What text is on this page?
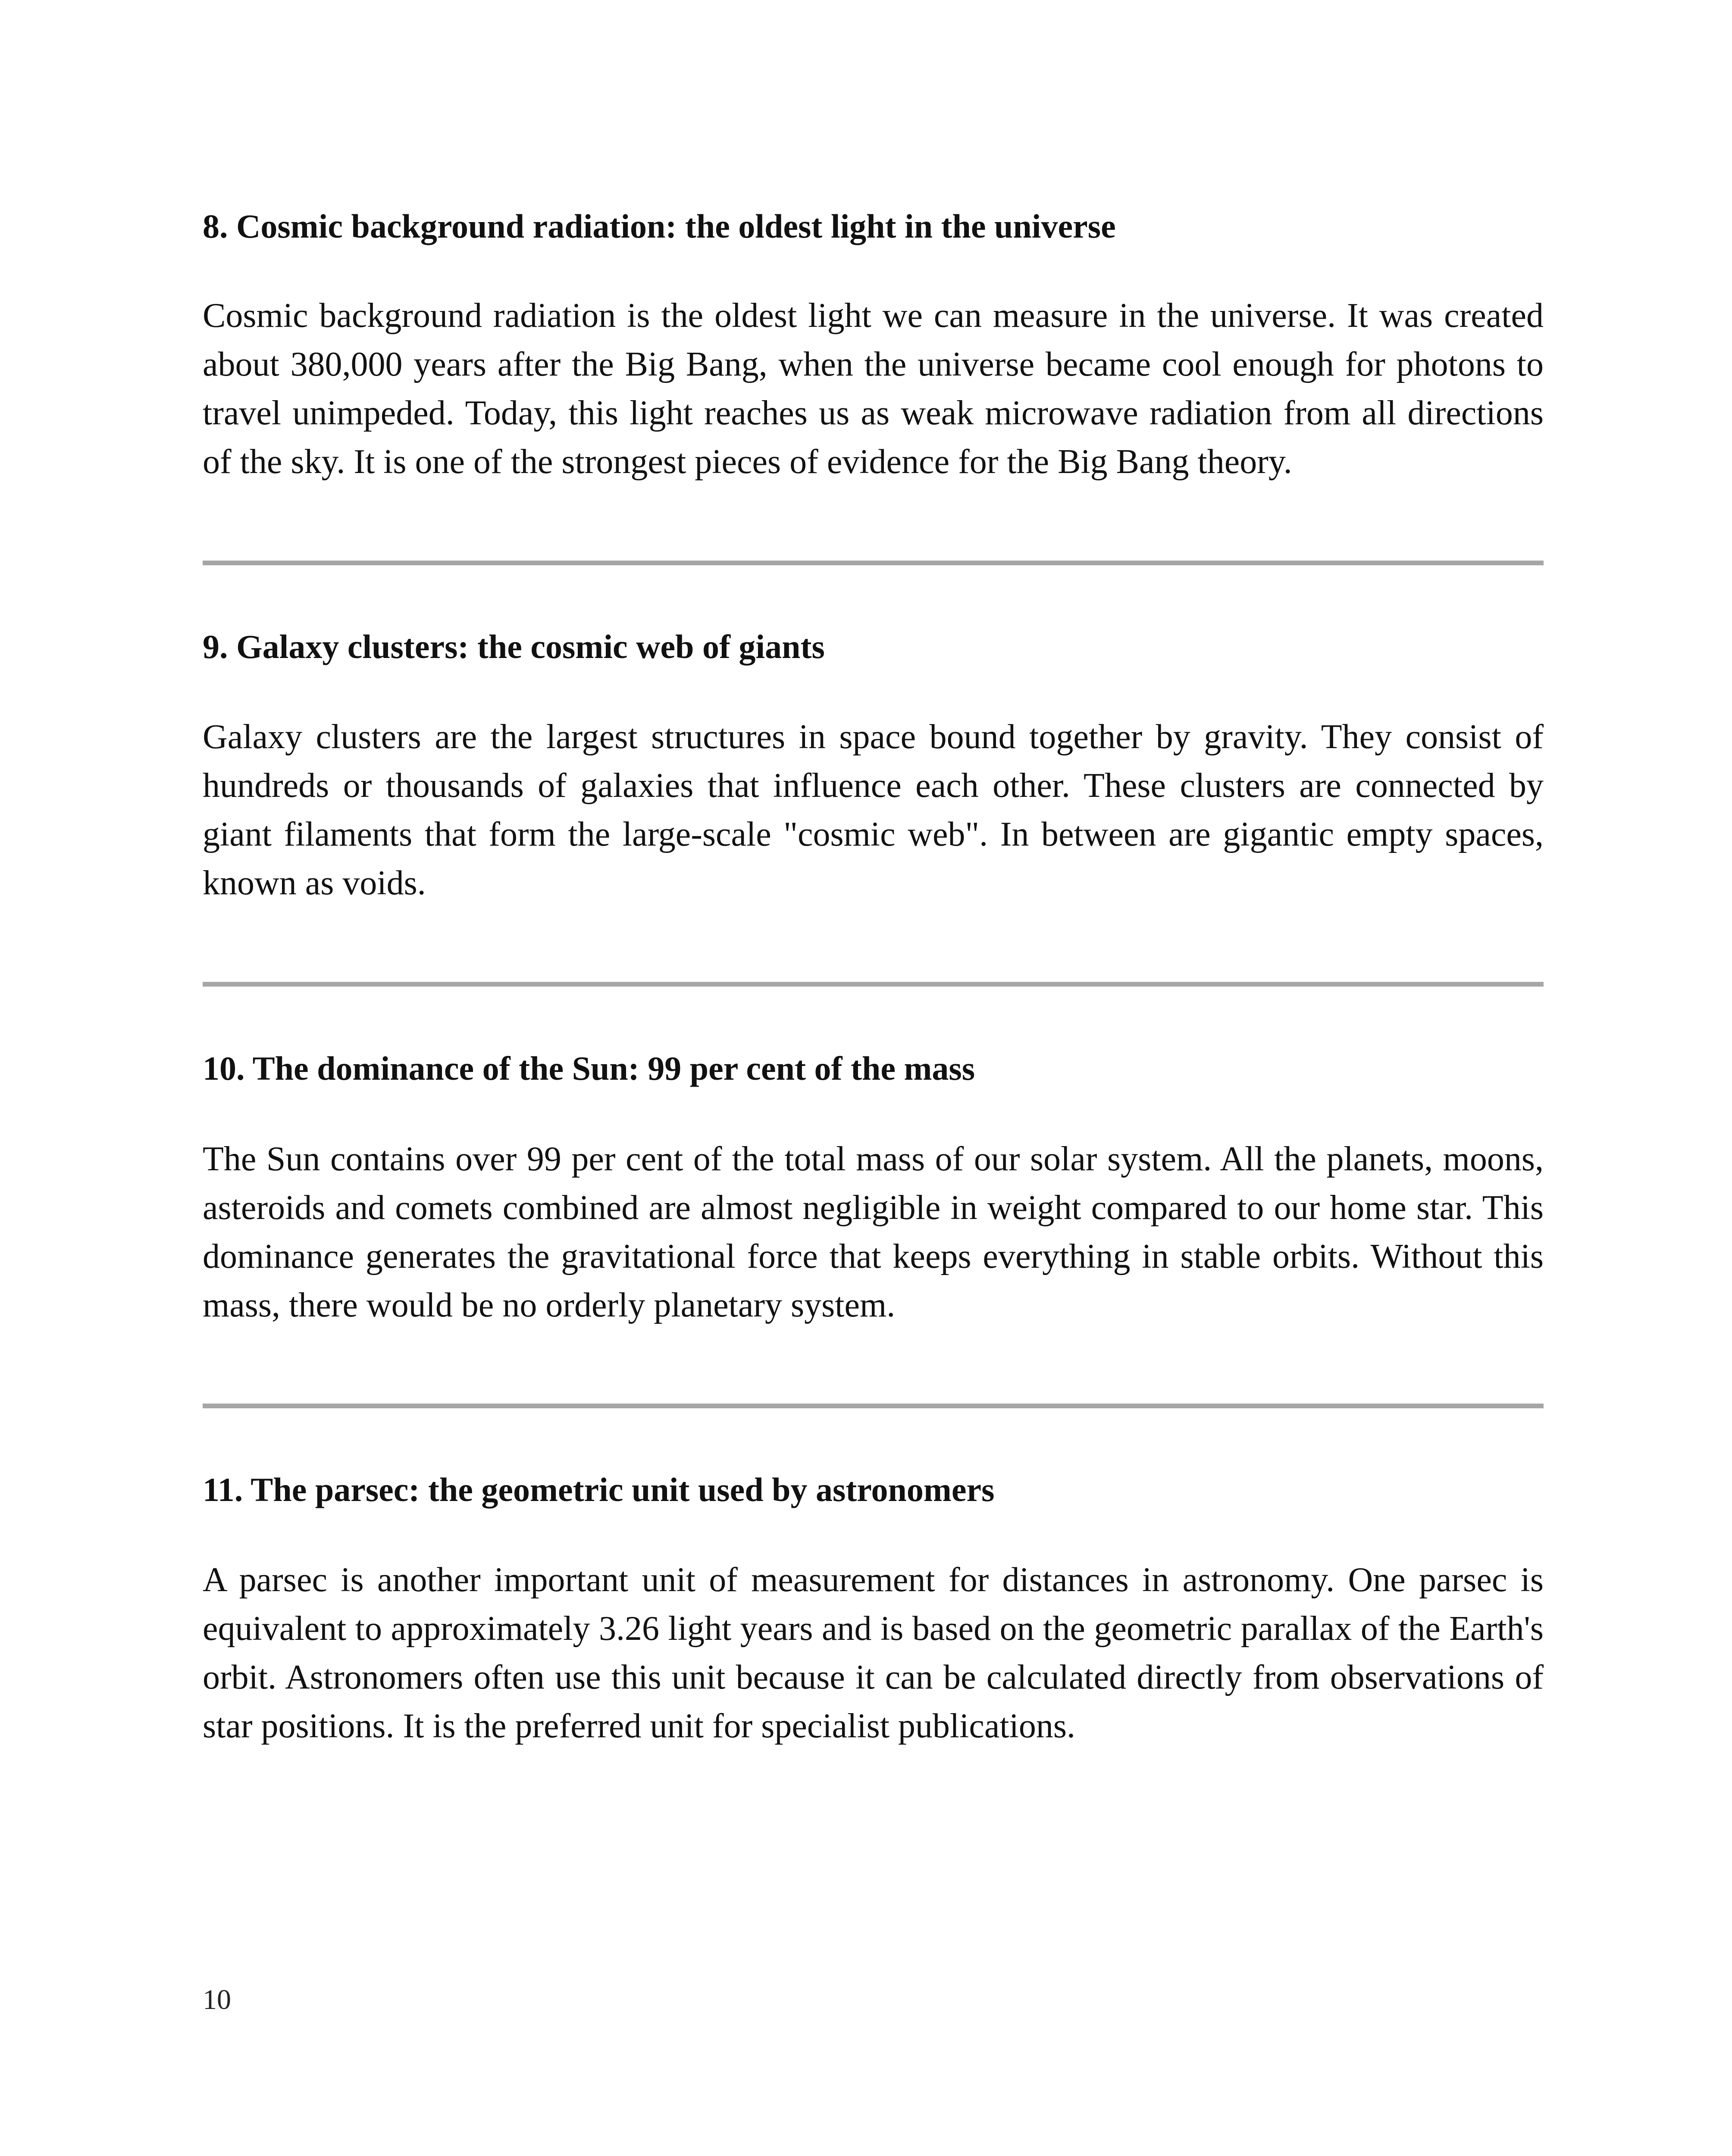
8. Cosmic background radiation: the oldest light in the universe

Cosmic background radiation is the oldest light we can measure in the universe. It was created about 380,000 years after the Big Bang, when the universe became cool enough for photons to travel unimpeded. Today, this light reaches us as weak microwave radiation from all directions of the sky. It is one of the strongest pieces of evidence for the Big Bang theory.

9. Galaxy clusters: the cosmic web of giants

Galaxy clusters are the largest structures in space bound together by gravity. They consist of hundreds or thousands of galaxies that influence each other. These clusters are connected by giant filaments that form the large-scale "cosmic web". In between are gigantic empty spaces, known as voids.

10. The dominance of the Sun: 99 per cent of the mass

The Sun contains over 99 per cent of the total mass of our solar system. All the planets, moons, asteroids and comets combined are almost negligible in weight compared to our home star. This dominance generates the gravitational force that keeps everything in stable orbits. Without this mass, there would be no orderly planetary system.

11. The parsec: the geometric unit used by astronomers

A parsec is another important unit of measurement for distances in astronomy. One parsec is equivalent to approximately 3.26 light years and is based on the geometric parallax of the Earth's orbit. Astronomers often use this unit because it can be calculated directly from observations of star positions. It is the preferred unit for specialist publications.

10
